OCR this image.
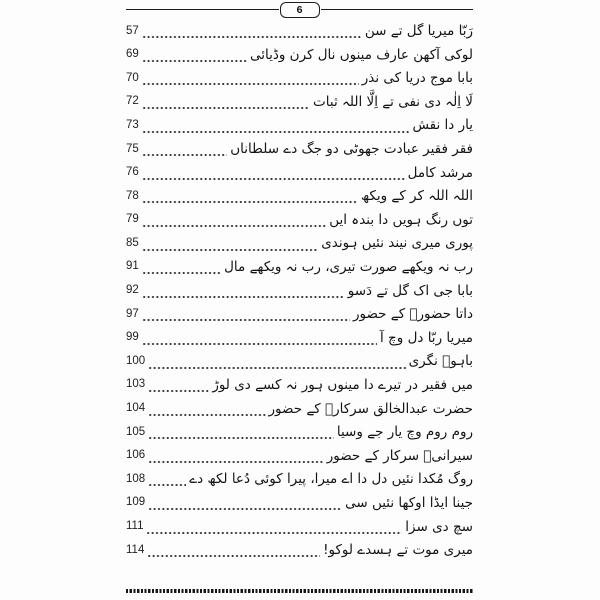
6
رَبّا میریا گل تے سن
57
لوکی آکھن عارف مینوں نال کرن وڈیائی
69
بابا موج دریا کی نذر
70
لَا اِلٰہ دی نفی تے اِلَّا اللہ ثبات
72
یار دا نقش
73
فقر فقیر عبادت جھوٹی دو جگ دے سلطاناں
75
مرشد کامل
76
اللہ اللہ کر کے ویکھ
78
توں رنگ ہویں دا بندہ ایں
79
پوری میری نیند نئیں ہوندی
85
رب نہ ویکھے صورت تیری، رب نہ ویکھے مال
91
بابا جی اک گل تے دَسو
92
داتا حضورؒ کے حضور
97
میریا ربّا دل وچ آ
99
باہوؒ نگری
100
میں فقیر در تیرے دا مینوں ہور نہ کسے دی لوڑ
103
حضرت عبدالخالق سرکارؒ کے حضور
104
روم روم وچ یار جے وسیا
105
سیرانیؒ سرکار کے حضور
106
روگ مُکدا نئیں دل دا اے میرا، پیرا کوئی دُعا لکھ دے
108
جینا ایڈا اوکھا نئیں سی
109
سچ دی سزا
111
میری موت تے ہسدے لوکو!
114
